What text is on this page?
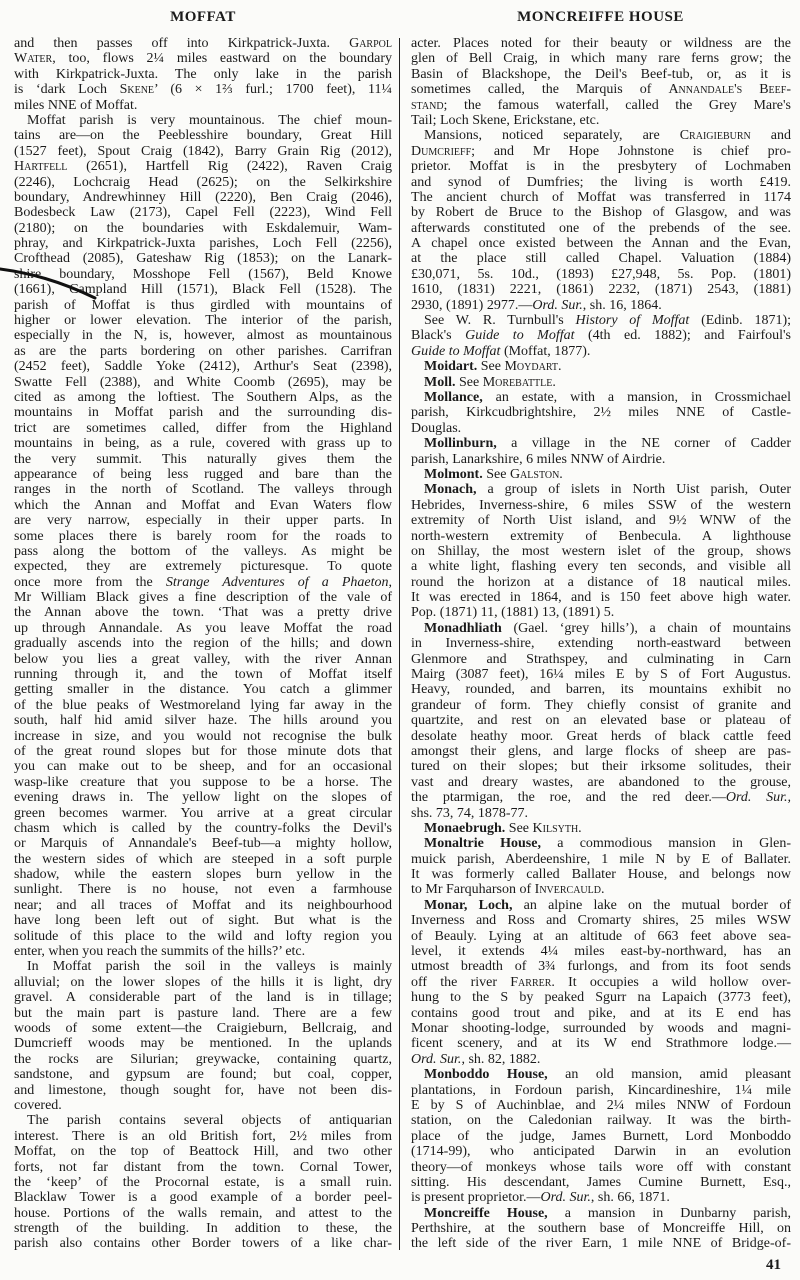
MOFFAT	MONCREIFFE HOUSE
and then passes off into Kirkpatrick-Juxta. Garpol
Water, too, flows 2¼ miles eastward on the boundary
with Kirkpatrick-Juxta. The only lake in the parish
is ‘dark Loch Skene’ (6 × 1⅔ furl.; 1700 feet), 11¼
miles NNE of Moffat.
Moffat parish is very mountainous. The chief moun-
tains are—on the Peeblesshire boundary, Great Hill
(1527 feet), Spout Craig (1842), Barry Grain Rig (2012),
Hartfell (2651), Hartfell Rig (2422), Raven Craig
(2246), Lochcraig Head (2625); on the Selkirkshire
boundary, Andrewhinney Hill (2220), Ben Craig (2046),
Bodesbeck Law (2173), Capel Fell (2223), Wind Fell
(2180); on the boundaries with Eskdalemuir, Wam-
phray, and Kirkpatrick-Juxta parishes, Loch Fell (2256),
Crofthead (2085), Gateshaw Rig (1853); on the Lanark-
shire boundary, Mosshope Fell (1567), Beld Knowe
(1661), Campland Hill (1571), Black Fell (1528). The
parish of Moffat is thus girdled with mountains of
higher or lower elevation. The interior of the parish,
especially in the N, is, however, almost as mountainous
as are the parts bordering on other parishes. Carrifran
(2452 feet), Saddle Yoke (2412), Arthur's Seat (2398),
Swatte Fell (2388), and White Coomb (2695), may be
cited as among the loftiest. The Southern Alps, as the
mountains in Moffat parish and the surrounding dis-
trict are sometimes called, differ from the Highland
mountains in being, as a rule, covered with grass up to
the very summit. This naturally gives them the
appearance of being less rugged and bare than the
ranges in the north of Scotland. The valleys through
which the Annan and Moffat and Evan Waters flow
are very narrow, especially in their upper parts. In
some places there is barely room for the roads to
pass along the bottom of the valleys. As might be
expected, they are extremely picturesque. To quote
once more from the Strange Adventures of a Phaeton,
Mr William Black gives a fine description of the vale of
the Annan above the town. ‘That was a pretty drive
up through Annandale. As you leave Moffat the road
gradually ascends into the region of the hills; and down
below you lies a great valley, with the river Annan
running through it, and the town of Moffat itself
getting smaller in the distance. You catch a glimmer
of the blue peaks of Westmoreland lying far away in the
south, half hid amid silver haze. The hills around you
increase in size, and you would not recognise the bulk
of the great round slopes but for those minute dots that
you can make out to be sheep, and for an occasional
wasp-like creature that you suppose to be a horse. The
evening draws in. The yellow light on the slopes of
green becomes warmer. You arrive at a great circular
chasm which is called by the country-folks the Devil's
or Marquis of Annandale's Beef-tub—a mighty hollow,
the western sides of which are steeped in a soft purple
shadow, while the eastern slopes burn yellow in the
sunlight. There is no house, not even a farmhouse
near; and all traces of Moffat and its neighbourhood
have long been left out of sight. But what is the
solitude of this place to the wild and lofty region you
enter, when you reach the summits of the hills?’ etc.
In Moffat parish the soil in the valleys is mainly
alluvial; on the lower slopes of the hills it is light, dry
gravel. A considerable part of the land is in tillage;
but the main part is pasture land. There are a few
woods of some extent—the Craigieburn, Bellcraig, and
Dumcrieff woods may be mentioned. In the uplands
the rocks are Silurian; greywacke, containing quartz,
sandstone, and gypsum are found; but coal, copper,
and limestone, though sought for, have not been dis-
covered.
The parish contains several objects of antiquarian
interest. There is an old British fort, 2½ miles from
Moffat, on the top of Beattock Hill, and two other
forts, not far distant from the town. Cornal Tower,
the ‘keep’ of the Procornal estate, is a small ruin.
Blacklaw Tower is a good example of a border peel-
house. Portions of the walls remain, and attest to the
strength of the building. In addition to these, the
parish also contains other Border towers of a like char-
acter. Places noted for their beauty or wildness are the
glen of Bell Craig, in which many rare ferns grow; the
Basin of Blackshope, the Deil's Beef-tub, or, as it is
sometimes called, the Marquis of Annandale's Beef-
stand; the famous waterfall, called the Grey Mare's
Tail; Loch Skene, Erickstane, etc.
Mansions, noticed separately, are Craigieburn and
Dumcrieff; and Mr Hope Johnstone is chief pro-
prietor. Moffat is in the presbytery of Lochmaben
and synod of Dumfries; the living is worth £419.
The ancient church of Moffat was transferred in 1174
by Robert de Bruce to the Bishop of Glasgow, and was
afterwards constituted one of the prebends of the see.
A chapel once existed between the Annan and the Evan,
at the place still called Chapel. Valuation (1884)
£30,071, 5s. 10d., (1893) £27,948, 5s. Pop. (1801)
1610, (1831) 2221, (1861) 2232, (1871) 2543, (1881)
2930, (1891) 2977.—Ord. Sur., sh. 16, 1864.
See W. R. Turnbull's History of Moffat (Edinb. 1871);
Black's Guide to Moffat (4th ed. 1882); and Fairfoul's
Guide to Moffat (Moffat, 1877).
Moidart. See Moydart.
Moll. See Morebattle.
Mollance, an estate, with a mansion, in Crossmichael
parish, Kirkcudbrightshire, 2½ miles NNE of Castle-
Douglas.
Mollinburn, a village in the NE corner of Cadder
parish, Lanarkshire, 6 miles NNW of Airdrie.
Molmont. See Galston.
Monach, a group of islets in North Uist parish, Outer
Hebrides, Inverness-shire, 6 miles SSW of the western
extremity of North Uist island, and 9½ WNW of the
north-western extremity of Benbecula. A lighthouse
on Shillay, the most western islet of the group, shows
a white light, flashing every ten seconds, and visible all
round the horizon at a distance of 18 nautical miles.
It was erected in 1864, and is 150 feet above high water.
Pop. (1871) 11, (1881) 13, (1891) 5.
Monadhliath (Gael. ‘grey hills’), a chain of mountains
in Inverness-shire, extending north-eastward between
Glenmore and Strathspey, and culminating in Carn
Mairg (3087 feet), 16¼ miles E by S of Fort Augustus.
Heavy, rounded, and barren, its mountains exhibit no
grandeur of form. They chiefly consist of granite and
quartzite, and rest on an elevated base or plateau of
desolate heathy moor. Great herds of black cattle feed
amongst their glens, and large flocks of sheep are pas-
tured on their slopes; but their irksome solitudes, their
vast and dreary wastes, are abandoned to the grouse,
the ptarmigan, the roe, and the red deer.—Ord. Sur.,
shs. 73, 74, 1878-77.
Monaebrugh. See Kilsyth.
Monaltrie House, a commodious mansion in Glen-
muick parish, Aberdeenshire, 1 mile N by E of Ballater.
It was formerly called Ballater House, and belongs now
to Mr Farquharson of Invercauld.
Monar, Loch, an alpine lake on the mutual border of
Inverness and Ross and Cromarty shires, 25 miles WSW
of Beauly. Lying at an altitude of 663 feet above sea-
level, it extends 4¼ miles east-by-northward, has an
utmost breadth of 3¾ furlongs, and from its foot sends
off the river Farrer. It occupies a wild hollow over-
hung to the S by peaked Sgurr na Lapaich (3773 feet),
contains good trout and pike, and at its E end has
Monar shooting-lodge, surrounded by woods and magni-
ficent scenery, and at its W end Strathmore lodge.—
Ord. Sur., sh. 82, 1882.
Monboddo House, an old mansion, amid pleasant
plantations, in Fordoun parish, Kincardineshire, 1¼ mile
E by S of Auchinblae, and 2¼ miles NNW of Fordoun
station, on the Caledonian railway. It was the birth-
place of the judge, James Burnett, Lord Monboddo
(1714-99), who anticipated Darwin in an evolution
theory—of monkeys whose tails wore off with constant
sitting. His descendant, James Cumine Burnett, Esq.,
is present proprietor.—Ord. Sur., sh. 66, 1871.
Moncreiffe House, a mansion in Dunbarny parish,
Perthshire, at the southern base of Moncreiffe Hill, on
the left side of the river Earn, 1 mile NNE of Bridge-of-
41
